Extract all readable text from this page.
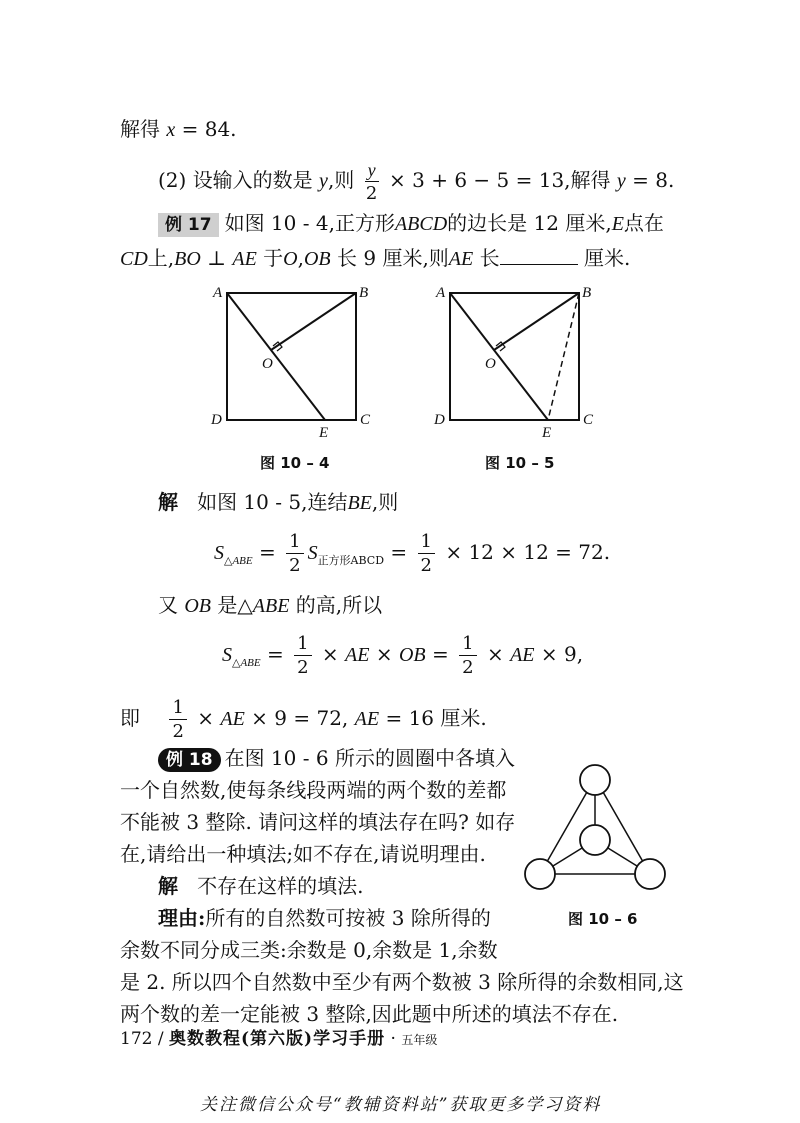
解得 x = 84.
(2) 设输入的数是 y,则 $\frac{y}{2} \times 3 + 6 - 5 = 13$,解得 y = 8.
例 17 如图 10 - 4,正方形ABCD的边长是 12 厘米,E点在
CD上,BO ⊥ AE 于O,OB 长 9 厘米,则AE 长	厘米.
A	B
C
D
E
O
图 10 – 4
A	B
C
D
E
O
图 10 – 5
解 如图 10 - 5,连结BE,则
$S_{\triangle ABE} = \frac{1}{2} S_{正方形ABCD} = \frac{1}{2} \times 12 \times 12 = 72$.
又 OB 是△ABE 的高,所以
$S_{\triangle ABE} = \frac{1}{2}$ × AE × OB = $\frac{1}{2}$ × AE × 9,
即 $\frac{1}{2}$ × AE × 9 = 72, AE = 16 厘米.
例 18 在图 10 - 6 所示的圆圈中各填入
一个自然数,使每条线段两端的两个数的差都
不能被 3 整除. 请问这样的填法存在吗? 如存
在,请给出一种填法;如不存在,请说明理由.
解 不存在这样的填法.
理由:所有的自然数可按被 3 除所得的
余数不同分成三类:余数是 0,余数是 1,余数
是 2. 所以四个自然数中至少有两个数被 3 除所得的余数相同,这
两个数的差一定能被 3 整除,因此题中所述的填法不存在.
图 10 – 6
172 / 奥数教程(第六版)学习手册 · 五年级
关注微信公众号“教辅资料站”获取更多学习资料
